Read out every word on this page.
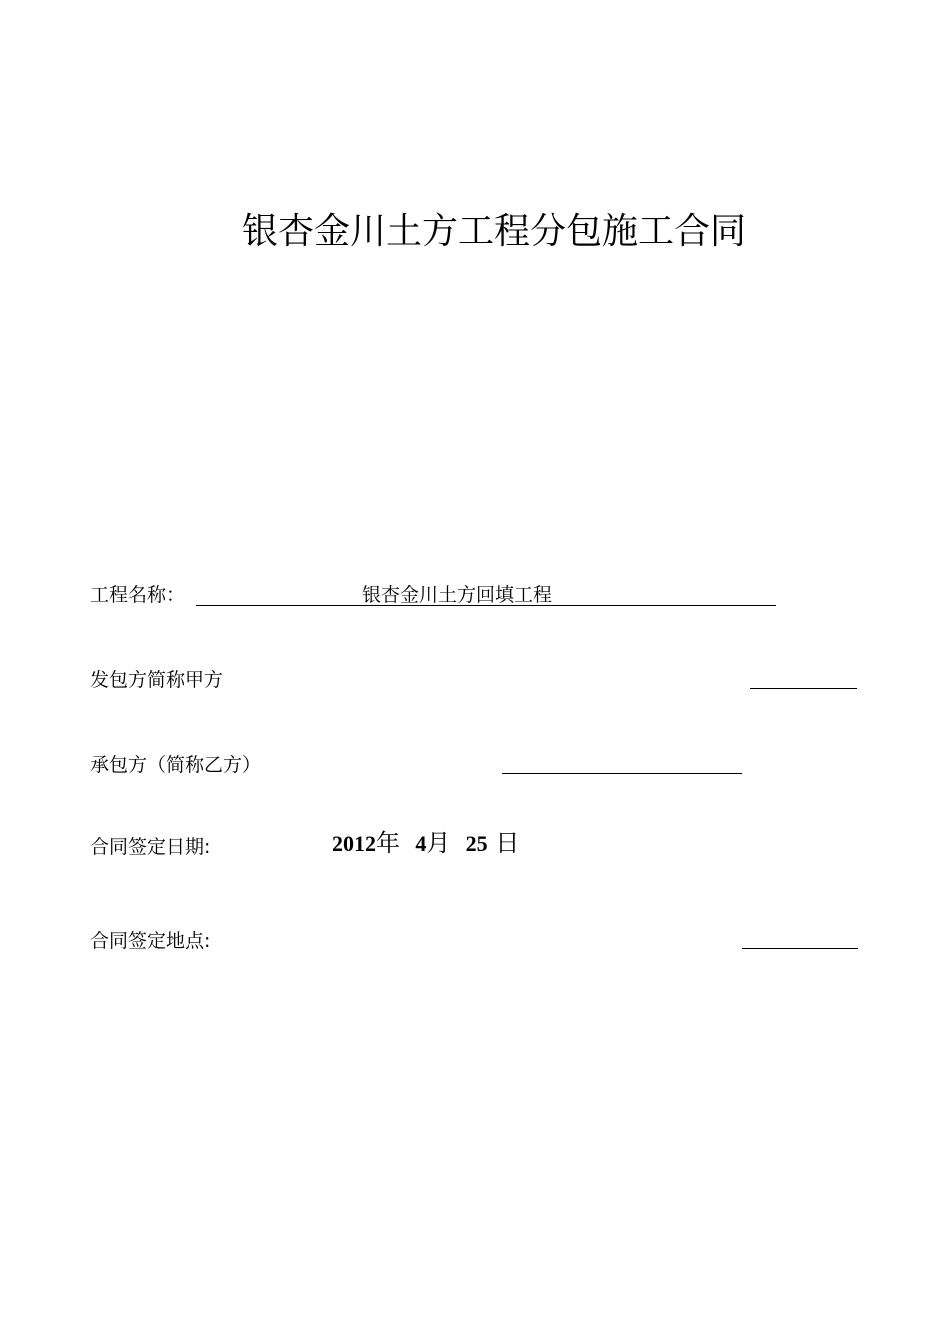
银杏金川土方工程分包施工合同
工程名称：	银杏金川土方回填工程
发包方简称甲方
承包方（简称乙方）
合同签定日期:	2012年 4月 25 日
合同签定地点:
